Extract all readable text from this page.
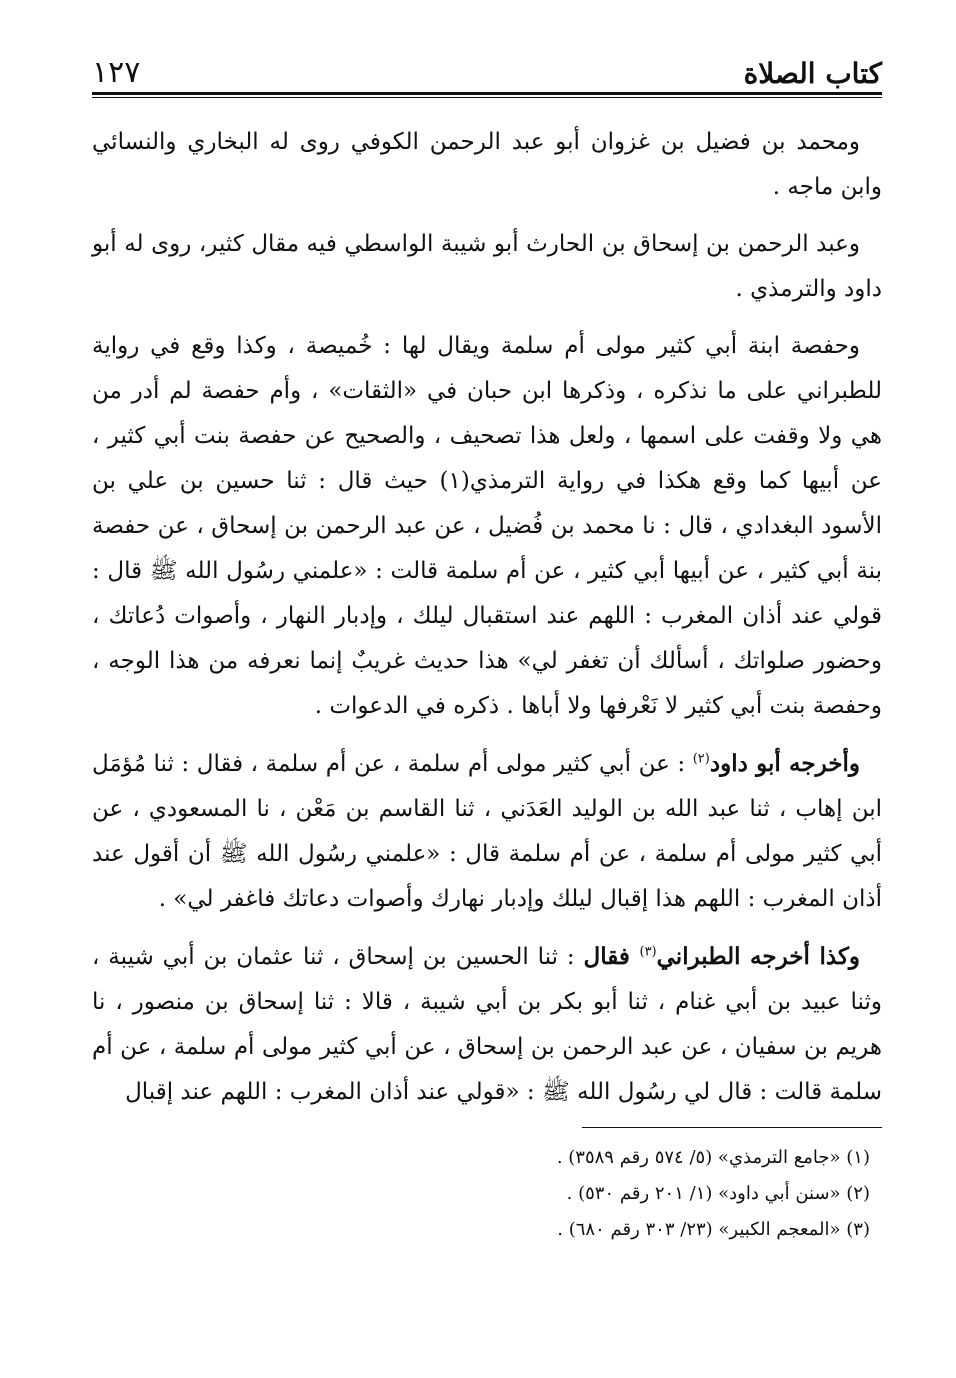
كتاب الصلاة
١٢٧

ومحمد بن فضيل بن غزوان أبو عبد الرحمن الكوفي روى له البخاري والنسائي وابن ماجه .

وعبد الرحمن بن إسحاق بن الحارث أبو شيبة الواسطي فيه مقال كثير، روى له أبو داود والترمذي .

وحفصة ابنة أبي كثير مولى أم سلمة ويقال لها : خُميصة ، وكذا وقع في رواية للطبراني على ما نذكره ، وذكرها ابن حبان في «الثقات» ، وأم حفصة لم أدر من هي ولا وقفت على اسمها ، ولعل هذا تصحيف ، والصحيح عن حفصة بنت أبي كثير ، عن أبيها كما وقع هكذا في رواية الترمذي(١) حيث قال : ثنا حسين بن علي بن الأسود البغدادي ، قال : نا محمد بن فُضيل ، عن عبد الرحمن بن إسحاق ، عن حفصة بنة أبي كثير ، عن أبيها أبي كثير ، عن أم سلمة قالت : «علمني رسُول الله ﷺ قال : قولي عند أذان المغرب : اللهم عند استقبال ليلك ، وإدبار النهار ، وأصوات دُعاتك ، وحضور صلواتك ، أسألك أن تغفر لي» هذا حديث غريبٌ إنما نعرفه من هذا الوجه ، وحفصة بنت أبي كثير لا نَعْرفها ولا أباها . ذكره في الدعوات .

وأخرجه أبو داود$^{(٢)}$ : عن أبي كثير مولى أم سلمة ، عن أم سلمة ، فقال : ثنا مُؤمَل ابن إهاب ، ثنا عبد الله بن الوليد العَدَني ، ثنا القاسم بن مَعْن ، نا المسعودي ، عن أبي كثير مولى أم سلمة ، عن أم سلمة قال : «علمني رسُول الله ﷺ أن أقول عند أذان المغرب : اللهم هذا إقبال ليلك وإدبار نهارك وأصوات دعاتك فاغفر لي» .

وكذا أخرجه الطبراني$^{(٣)}$ فقال : ثنا الحسين بن إسحاق ، ثنا عثمان بن أبي شيبة ، وثنا عبيد بن أبي غنام ، ثنا أبو بكر بن أبي شيبة ، قالا : ثنا إسحاق بن منصور ، نا هريم بن سفيان ، عن عبد الرحمن بن إسحاق ، عن أبي كثير مولى أم سلمة ، عن أم سلمة قالت : قال لي رسُول الله ﷺ : «قولي عند أذان المغرب : اللهم عند إقبال

(١) «جامع الترمذي» (٥/ ٥٧٤ رقم ٣٥٨٩) .

(٢) «سنن أبي داود» (١/ ٢٠١ رقم ٥٣٠) .

(٣) «المعجم الكبير» (٢٣/ ٣٠٣ رقم ٦٨٠) .
